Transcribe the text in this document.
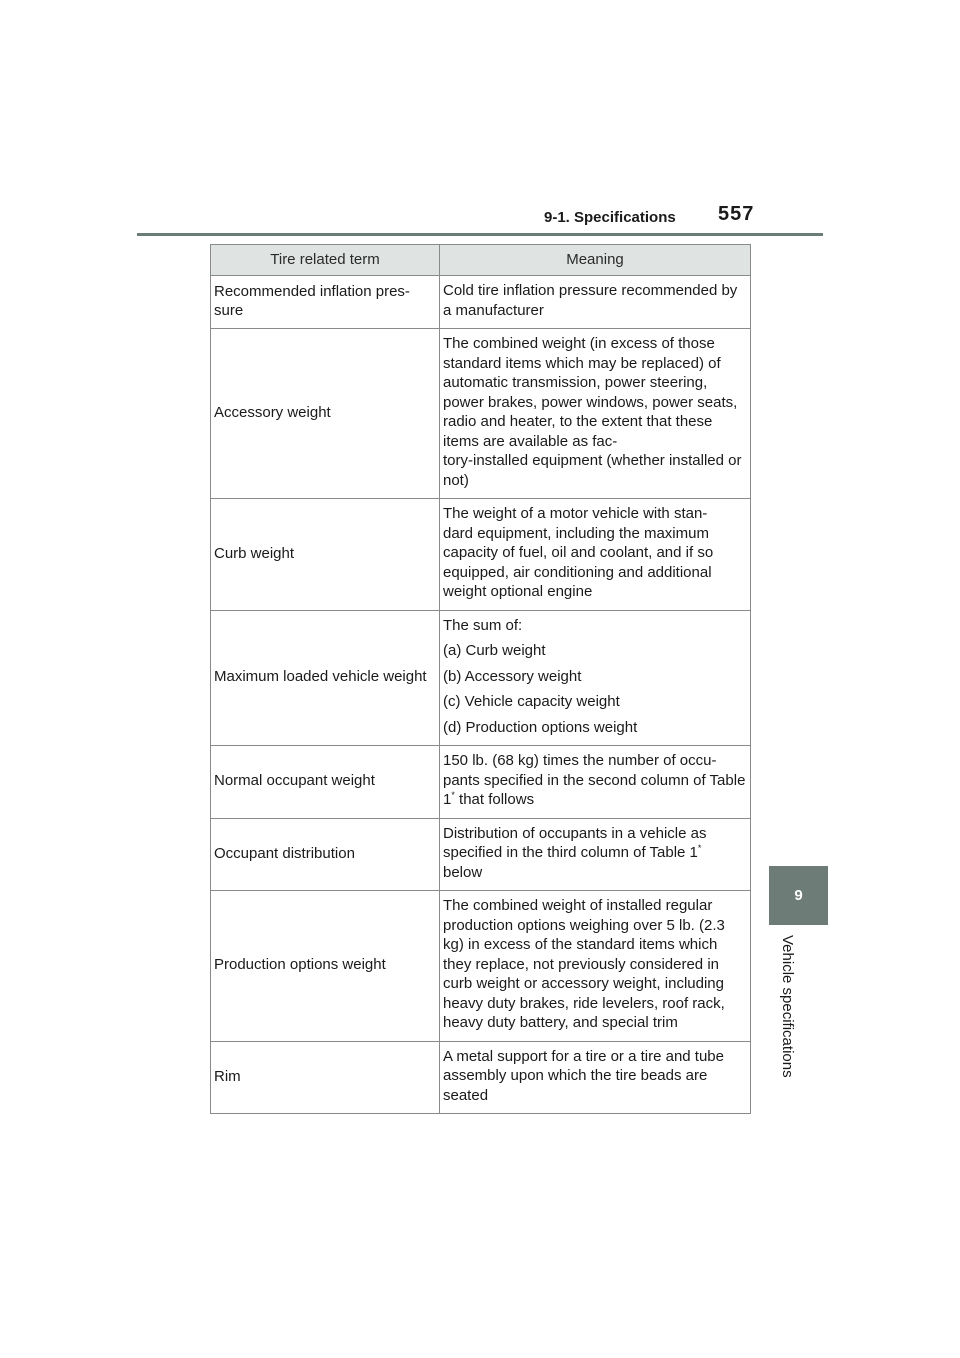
9-1. Specifications 557
9
Vehicle specifications
Tire related term	Meaning
Recommended inflation pres-
sure	Cold tire inflation pressure recommended by a manufacturer
Accessory weight	The combined weight (in excess of those standard items which may be replaced) of automatic transmission, power steering, power brakes, power windows, power seats, radio and heater, to the extent that these items are available as fac-
tory-installed equipment (whether installed or not)
Curb weight	The weight of a motor vehicle with stan-
dard equipment, including the maximum capacity of fuel, oil and coolant, and if so equipped, air conditioning and additional weight optional engine
Maximum loaded vehicle weight	The sum of:

(a) Curb weight

(b) Accessory weight

(c) Vehicle capacity weight

(d) Production options weight

Normal occupant weight	150 lb. (68 kg) times the number of occu-
pants specified in the second column of Table 1* that follows
Occupant distribution	Distribution of occupants in a vehicle as specified in the third column of Table 1*
below
Production options weight	The combined weight of installed regular production options weighing over 5 lb. (2.3 kg) in excess of the standard items which they replace, not previously considered in curb weight or accessory weight, including heavy duty brakes, ride levelers, roof rack, heavy duty battery, and special trim
Rim	A metal support for a tire or a tire and tube assembly upon which the tire beads are seated
